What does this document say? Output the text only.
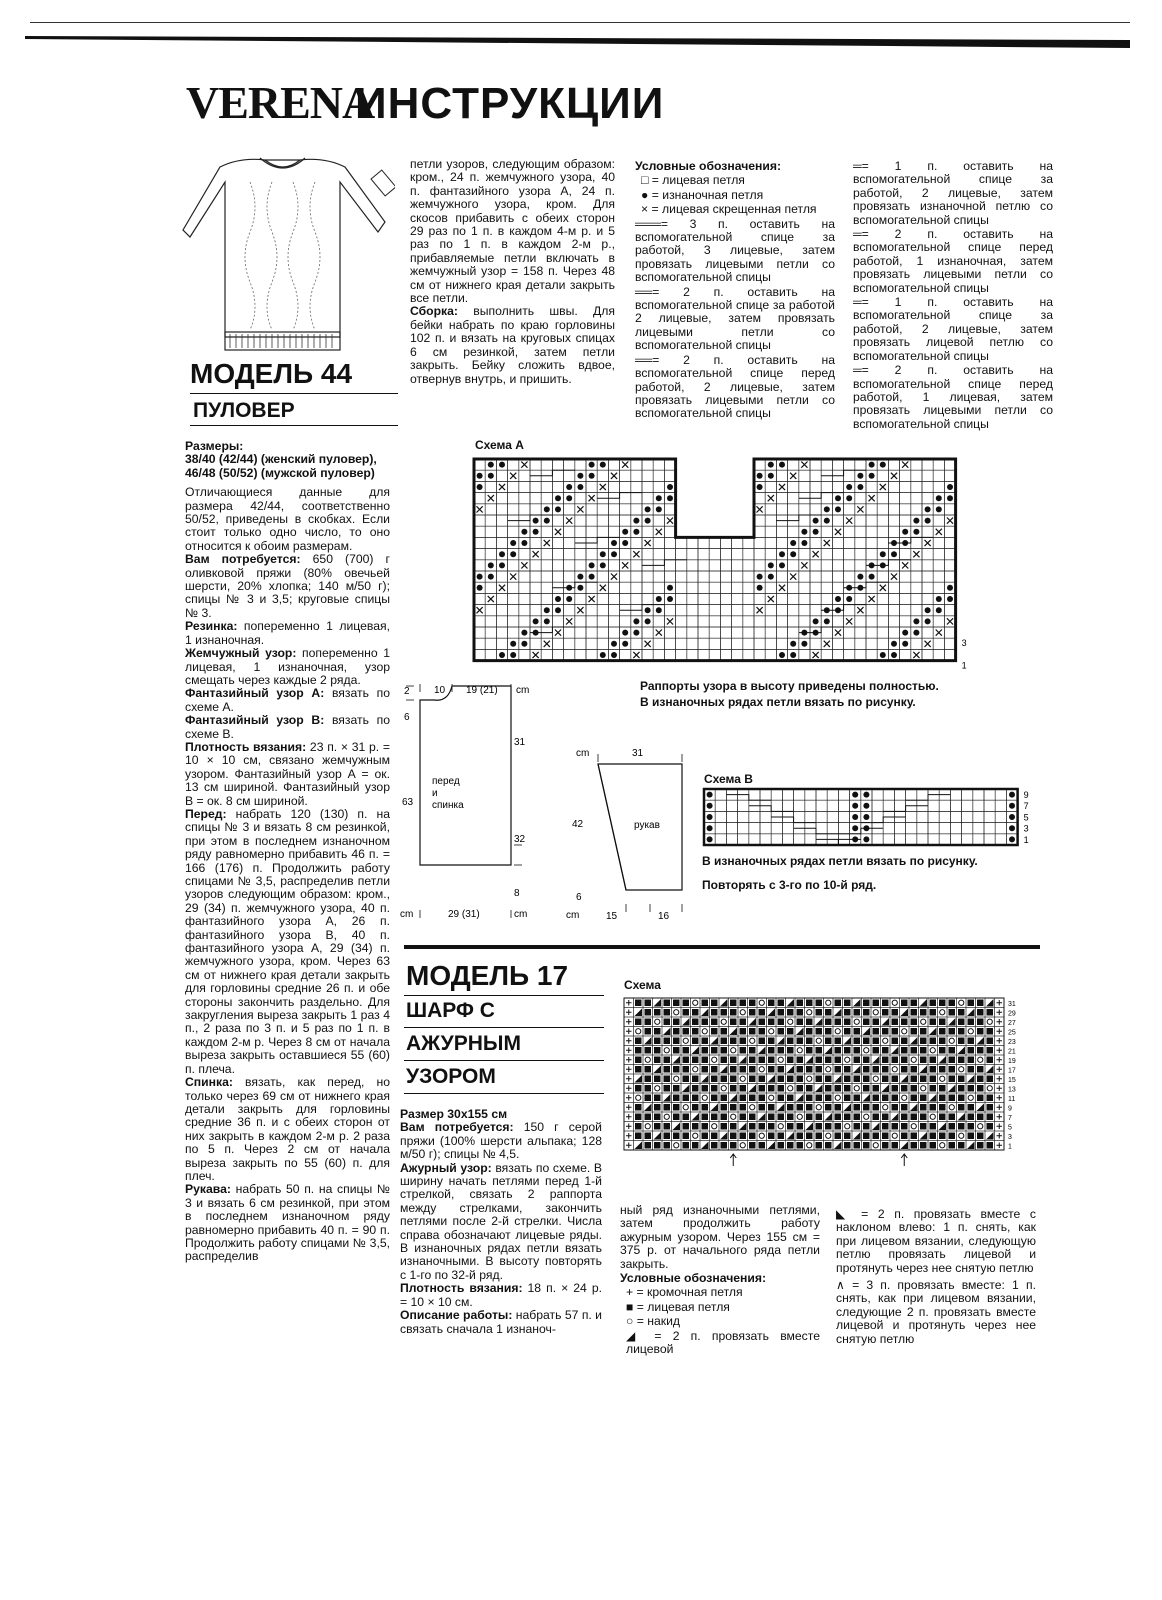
VERENA
ИНСТРУКЦИИ
МОДЕЛЬ 44
ПУЛОВЕР

Размеры:

38/40 (42/44) (женский пуловер),

46/48 (50/52) (мужской пуловер)

Отличающиеся данные для размера 42/44, соответственно 50/52, приведены в скобках. Если стоит только одно число, то оно относится к обоим размерам.

Вам потребуется: 650 (700) г оливковой пряжи (80% овечьей шерсти, 20% хлопка; 140 м/50 г); спицы № 3 и 3,5; круговые спицы № 3.

Резинка: попеременно 1 лицевая, 1 изнаночная.

Жемчужный узор: попеременно 1 лицевая, 1 изнаночная, узор смещать через каждые 2 ряда.

Фантазийный узор А: вязать по схеме А.

Фантазийный узор В: вязать по схеме В.

Плотность вязания: 23 п. × 31 р. = 10 × 10 см, связано жемчужным узором. Фантазийный узор А = ок. 13 см шириной. Фантазийный узор В = ок. 8 см шириной.

Перед: набрать 120 (130) п. на спицы № 3 и вязать 8 см резинкой, при этом в последнем изнаночном ряду равномерно прибавить 46 п. = 166 (176) п. Продолжить работу спицами № 3,5, распределив петли узоров следующим образом: кром., 29 (34) п. жемчужного узора, 40 п. фантазийного узора А, 26 п. фантазийного узора В, 40 п. фантазийного узора А, 29 (34) п. жемчужного узора, кром. Через 63 см от нижнего края детали закрыть для горловины средние 26 п. и обе стороны закончить раздельно. Для закругления выреза закрыть 1 раз 4 п., 2 раза по 3 п. и 5 раз по 1 п. в каждом 2-м р. Через 8 см от начала выреза закрыть оставшиеся 55 (60) п. плеча.

Спинка: вязать, как перед, но только через 69 см от нижнего края детали закрыть для горловины средние 36 п. и с обеих сторон от них закрыть в каждом 2-м р. 2 раза по 5 п. Через 2 см от начала выреза закрыть по 55 (60) п. для плеч.

Рукава: набрать 50 п. на спицы № 3 и вязать 6 см резинкой, при этом в последнем изнаночном ряду равномерно прибавить 40 п. = 90 п. Продолжить работу спицами № 3,5, распределив

петли узоров, следующим образом: кром., 24 п. жемчужного узора, 40 п. фантазийного узора А, 24 п. жемчужного узора, кром. Для скосов прибавить с обеих сторон 29 раз по 1 п. в каждом 4-м р. и 5 раз по 1 п. в каждом 2-м р., прибавляемые петли включать в жемчужный узор = 158 п. Через 48 см от нижнего края детали закрыть все петли.

Сборка: выполнить швы. Для бейки набрать по краю горловины 102 п. и вязать на круговых спицах 6 см резинкой, затем петли закрыть. Бейку сложить вдвое, отвернув внутрь, и пришить.

Условные обозначения:

□ = лицевая петля

● = изнаночная петля

× = лицевая скрещенная петля

═══= 3 п. оставить на вспомогательной спице за работой, 3 лицевые, затем провязать лицевыми петли со вспомогательной спицы

══= 2 п. оставить на вспомогательной спице за работой 2 лицевые, затем провязать лицевыми петли со вспомогательной спицы

══= 2 п. оставить на вспомогательной спице перед работой, 2 лицевые, затем провязать лицевыми петли со вспомогательной спицы

═= 1 п. оставить на вспомогательной спице за работой, 2 лицевые, затем провязать изнаночной петлю со вспомогательной спицы

═= 2 п. оставить на вспомогательной спице перед работой, 1 изнаночная, затем провязать лицевыми петли со вспомогательной спицы

═= 1 п. оставить на вспомогательной спице за работой, 2 лицевые, затем провязать лицевой петлю со вспомогательной спицы

═= 2 п. оставить на вспомогательной спице перед работой, 1 лицевая, затем провязать лицевыми петли со вспомогательной спицы

Схема А
3
1
Раппорты узора в высоту приведены полностью.
В изнаночных рядах петли вязать по рисунку.
10 19 (21) cm
2
6
63
31
32
8
29 (31)
cm	cm
перед
и
спинка
cm	31
42
6
рукав
cm	15	16
Схема В
9
7
5
3
1
В изнаночных рядах петли вязать по рисунку.
Повторять с 3-го по 10-й ряд.
МОДЕЛЬ 17
ШАРФ С
АЖУРНЫМ
УЗОРОМ

Размер 30x155 см

Вам потребуется: 150 г серой пряжи (100% шерсти альпака; 128 м/50 г); спицы № 4,5.

Ажурный узор: вязать по схеме. В ширину начать петлями перед 1-й стрелкой, связать 2 раппорта между стрелками, закончить петлями после 2-й стрелки. Числа справа обозначают лицевые ряды. В изнаночных рядах петли вязать изнаночными. В высоту повторять с 1-го по 32-й ряд.

Плотность вязания: 18 п. × 24 р. = 10 × 10 см.

Описание работы: набрать 57 п. и связать сначала 1 изнаноч-

Схема
31
29
27
25
23
21
19
17
15
13
11
9
7
5
3
1

ный ряд изнаночными петлями, затем продолжить работу ажурным узором. Через 155 см = 375 р. от начального ряда петли закрыть.

Условные обозначения:

+ = кромочная петля

■ = лицевая петля

○ = накид

◢ = 2 п. провязать вместе лицевой

◣ = 2 п. провязать вместе с наклоном влево: 1 п. снять, как при лицевом вязании, следующую петлю провязать лицевой и протянуть через нее снятую петлю

∧ = 3 п. провязать вместе: 1 п. снять, как при лицевом вязании, следующие 2 п. провязать вместе лицевой и протянуть через нее снятую петлю
